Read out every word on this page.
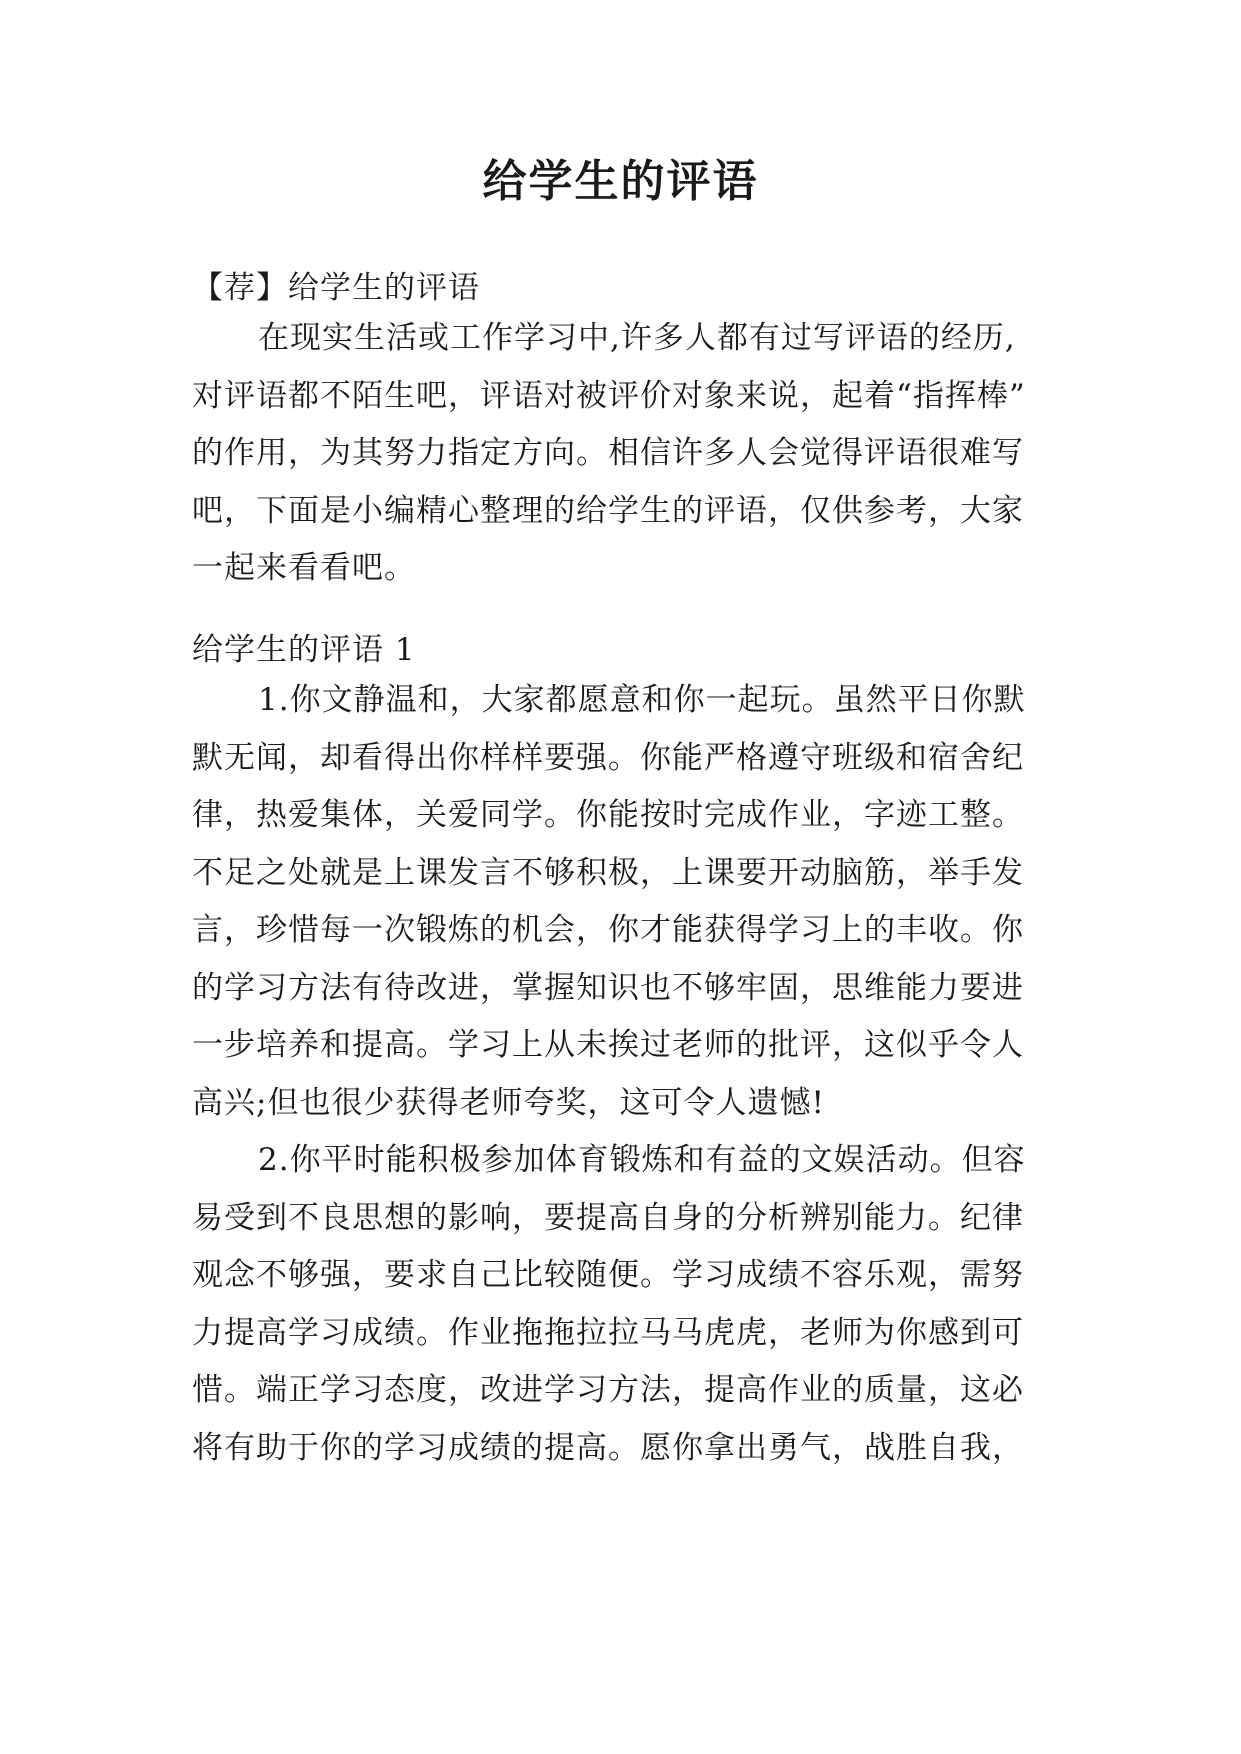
给学生的评语
【荐】给学生的评语
在现实生活或工作学习中,许多人都有过写评语的经历,
对评语都不陌生吧，评语对被评价对象来说，起着“指挥棒”
的作用，为其努力指定方向。相信许多人会觉得评语很难写
吧，下面是小编精心整理的给学生的评语，仅供参考，大家
一起来看看吧。
给学生的评语 1
1.你文静温和，大家都愿意和你一起玩。虽然平日你默
默无闻，却看得出你样样要强。你能严格遵守班级和宿舍纪
律，热爱集体，关爱同学。你能按时完成作业，字迹工整。
不足之处就是上课发言不够积极，上课要开动脑筋，举手发
言，珍惜每一次锻炼的机会，你才能获得学习上的丰收。你
的学习方法有待改进，掌握知识也不够牢固，思维能力要进
一步培养和提高。学习上从未挨过老师的批评，这似乎令人
高兴;但也很少获得老师夸奖，这可令人遗憾!
2.你平时能积极参加体育锻炼和有益的文娱活动。但容
易受到不良思想的影响，要提高自身的分析辨别能力。纪律
观念不够强，要求自己比较随便。学习成绩不容乐观，需努
力提高学习成绩。作业拖拖拉拉马马虎虎，老师为你感到可
惜。端正学习态度，改进学习方法，提高作业的质量，这必
将有助于你的学习成绩的提高。愿你拿出勇气，战胜自我，
